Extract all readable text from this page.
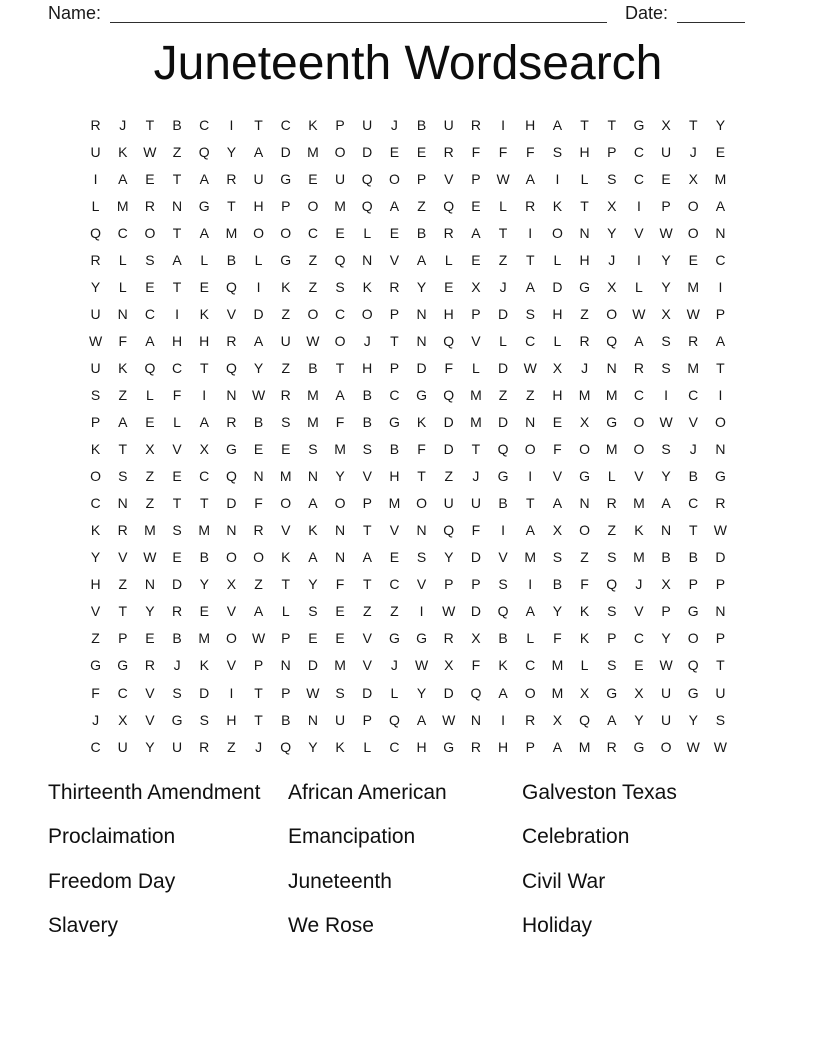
Name:	Date:
Juneteenth Wordsearch
R	J	T	B	C	I	T	C	K	P	U	J	B	U	R	I	H	A	T	T	G	X	T	Y
U	K	W	Z	Q	Y	A	D	M	O	D	E	E	R	F	F	F	S	H	P	C	U	J	E
I	A	E	T	A	R	U	G	E	U	Q	O	P	V	P	W	A	I	L	S	C	E	X	M
L	M	R	N	G	T	H	P	O	M	Q	A	Z	Q	E	L	R	K	T	X	I	P	O	A
Q	C	O	T	A	M	O	O	C	E	L	E	B	R	A	T	I	O	N	Y	V	W	O	N
R	L	S	A	L	B	L	G	Z	Q	N	V	A	L	E	Z	T	L	H	J	I	Y	E	C
Y	L	E	T	E	Q	I	K	Z	S	K	R	Y	E	X	J	A	D	G	X	L	Y	M	I
U	N	C	I	K	V	D	Z	O	C	O	P	N	H	P	D	S	H	Z	O	W	X	W	P
W	F	A	H	H	R	A	U	W	O	J	T	N	Q	V	L	C	L	R	Q	A	S	R	A
U	K	Q	C	T	Q	Y	Z	B	T	H	P	D	F	L	D	W	X	J	N	R	S	M	T
S	Z	L	F	I	N	W	R	M	A	B	C	G	Q	M	Z	Z	H	M	M	C	I	C	I
P	A	E	L	A	R	B	S	M	F	B	G	K	D	M	D	N	E	X	G	O	W	V	O
K	T	X	V	X	G	E	E	S	M	S	B	F	D	T	Q	O	F	O	M	O	S	J	N
O	S	Z	E	C	Q	N	M	N	Y	V	H	T	Z	J	G	I	V	G	L	V	Y	B	G
C	N	Z	T	T	D	F	O	A	O	P	M	O	U	U	B	T	A	N	R	M	A	C	R
K	R	M	S	M	N	R	V	K	N	T	V	N	Q	F	I	A	X	O	Z	K	N	T	W
Y	V	W	E	B	O	O	K	A	N	A	E	S	Y	D	V	M	S	Z	S	M	B	B	D
H	Z	N	D	Y	X	Z	T	Y	F	T	C	V	P	P	S	I	B	F	Q	J	X	P	P
V	T	Y	R	E	V	A	L	S	E	Z	Z	I	W	D	Q	A	Y	K	S	V	P	G	N
Z	P	E	B	M	O	W	P	E	E	V	G	G	R	X	B	L	F	K	P	C	Y	O	P
G	G	R	J	K	V	P	N	D	M	V	J	W	X	F	K	C	M	L	S	E	W	Q	T
F	C	V	S	D	I	T	P	W	S	D	L	Y	D	Q	A	O	M	X	G	X	U	G	U
J	X	V	G	S	H	T	B	N	U	P	Q	A	W	N	I	R	X	Q	A	Y	U	Y	S
C	U	Y	U	R	Z	J	Q	Y	K	L	C	H	G	R	H	P	A	M	R	G	O	W W
Thirteenth Amendment	African American	Galveston Texas
Proclaimation	Emancipation	Celebration
Freedom Day	Juneteenth	Civil War
Slavery	We Rose	Holiday
